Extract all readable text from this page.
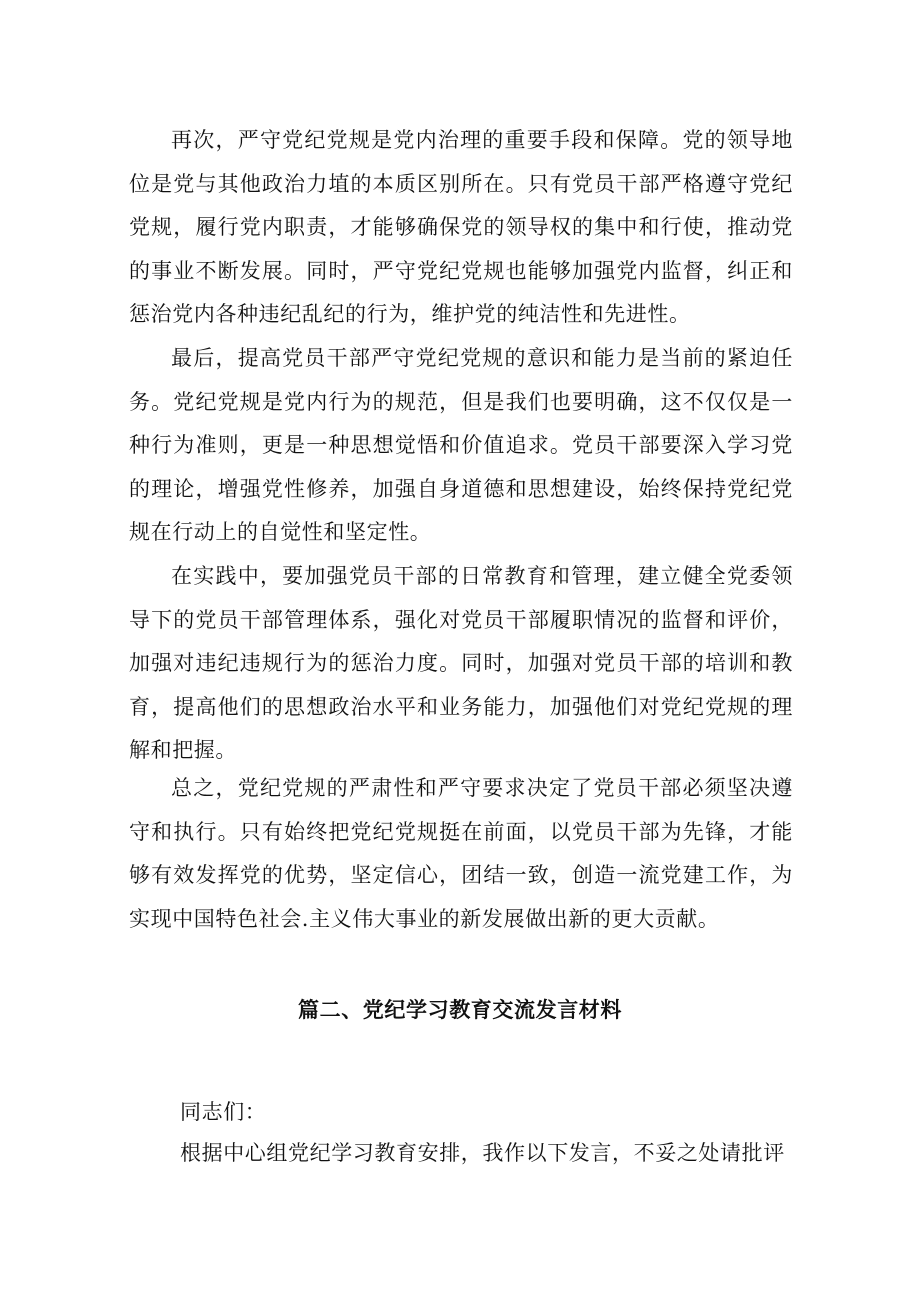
再次，严守党纪党规是党内治理的重要手段和保障。党的领导地位是党与其他政治力埴的本质区别所在。只有党员干部严格遵守党纪党规，履行党内职责，才能够确保党的领导权的集中和行使，推动党的事业不断发展。同时，严守党纪党规也能够加强党内监督，纠正和惩治党内各种违纪乱纪的行为，维护党的纯洁性和先进性。

最后，提高党员干部严守党纪党规的意识和能力是当前的紧迫任务。党纪党规是党内行为的规范，但是我们也要明确，这不仅仅是一种行为准则，更是一种思想觉悟和价值追求。党员干部要深入学习党的理论，增强党性修养，加强自身道德和思想建设，始终保持党纪党规在行动上的自觉性和坚定性。

在实践中，要加强党员干部的日常教育和管理，建立健全党委领导下的党员干部管理体系，强化对党员干部履职情况的监督和评价，加强对违纪违规行为的惩治力度。同时，加强对党员干部的培训和教育，提高他们的思想政治水平和业务能力，加强他们对党纪党规的理解和把握。

总之，党纪党规的严肃性和严守要求决定了党员干部必须坚决遵守和执行。只有始终把党纪党规挺在前面，以党员干部为先锋，才能够有效发挥党的优势，坚定信心，团结一致，创造一流党建工作，为实现中国特色社会.主义伟大事业的新发展做出新的更大贡献。

篇二、党纪学习教育交流发言材料

同志们：

根据中心组党纪学习教育安排，我作以下发言，不妥之处请批评
